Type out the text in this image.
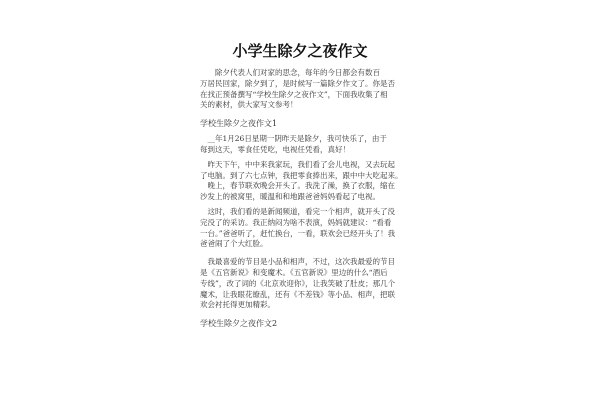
小学生除夕之夜作文
　　除夕代表人们对家的思念，每年的今日都会有数百
万居民回家，除夕到了，是时候写一篇除夕作文了。你是否
在找正预备撰写“学校生除夕之夜作文”，下面我收集了相
关的素材，供大家写文参考！
学校生除夕之夜作文1
　__年1月26日星期一阴昨天是除夕，我可快乐了，由于
每到这天，零食任凭吃，电视任凭看，真好！
　昨天下午，中中来我家玩，我们看了会儿电视，又去玩起
了电脑。到了六七点钟，我把零食捧出来，跟中中大吃起来。
　晚上，春节联欢晚会开头了。我洗了澡，换了衣服，缩在
沙发上的被窝里，暖温和和地跟爸爸妈妈看起了电视。
　这时，我们看的是新闻频道，看完一个相声，就开头了没
完没了的采访。我正纳闷为啥不表演，妈妈就建议：“看看
一台。”爸爸听了，赶忙换台，一看，联欢会已经开头了！我
爸爸闹了个大红脸。
　我最喜爱的节目是小品和相声，不过，这次我最爱的节目
是《五官新说》和变魔术。《五官新说》里边的什么“酒后
专线”，改了词的《北京欢迎你》，让我笑破了肚皮；那几个
魔术，让我眼花缭乱，还有《不差钱》等小品、相声，把联
欢会衬托得更加精彩。
学校生除夕之夜作文2
